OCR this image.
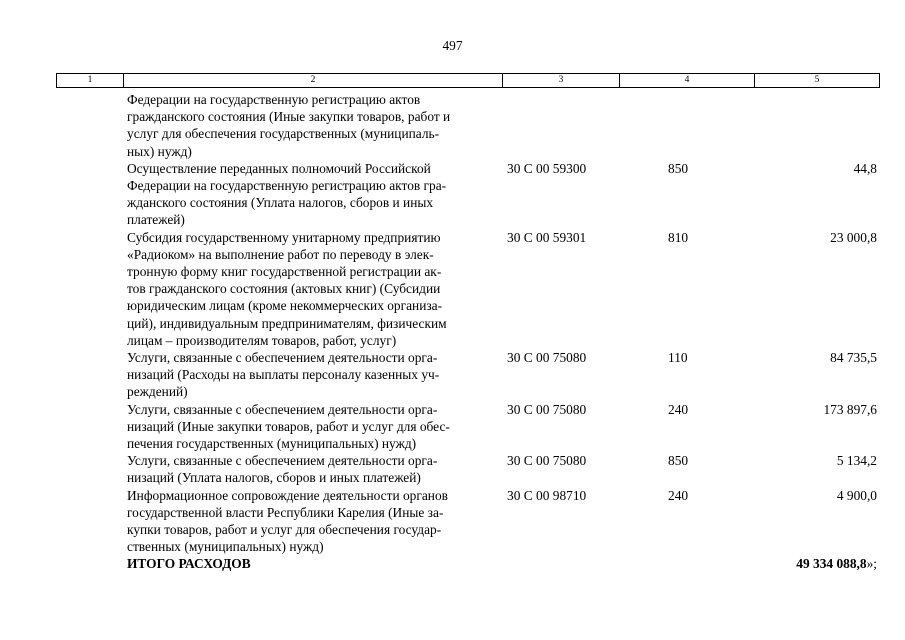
497
1	2	3	4	5
Федерации на государственную регистрацию актов
гражданского состояния (Иные закупки товаров, работ и
услуг для обеспечения государственных (муниципаль-
ных) нужд)
Осуществление переданных полномочий Российской
Федерации на государственную регистрацию актов гра-
жданского состояния (Уплата налогов, сборов и иных
платежей)
30 С 00 59300	850	44,8
Субсидия государственному унитарному предприятию
«Радиоком» на выполнение работ по переводу в элек-
тронную форму книг государственной регистрации ак-
тов гражданского состояния (актовых книг) (Субсидии
юридическим лицам (кроме некоммерческих организа-
ций), индивидуальным предпринимателям, физическим
лицам – производителям товаров, работ, услуг)
30 С 00 59301	810	23 000,8
Услуги, связанные с обеспечением деятельности орга-
низаций (Расходы на выплаты персоналу казенных уч-
реждений)
30 С 00 75080	110	84 735,5
Услуги, связанные с обеспечением деятельности орга-
низаций (Иные закупки товаров, работ и услуг для обес-
печения государственных (муниципальных) нужд)
30 С 00 75080	240	173 897,6
Услуги, связанные с обеспечением деятельности орга-
низаций (Уплата налогов, сборов и иных платежей)
30 С 00 75080	850	5 134,2
Информационное сопровождение деятельности органов
государственной власти Республики Карелия (Иные за-
купки товаров, работ и услуг для обеспечения государ-
ственных (муниципальных) нужд)
30 С 00 98710	240	4 900,0
ИТОГО РАСХОДОВ	49 334 088,8»;
